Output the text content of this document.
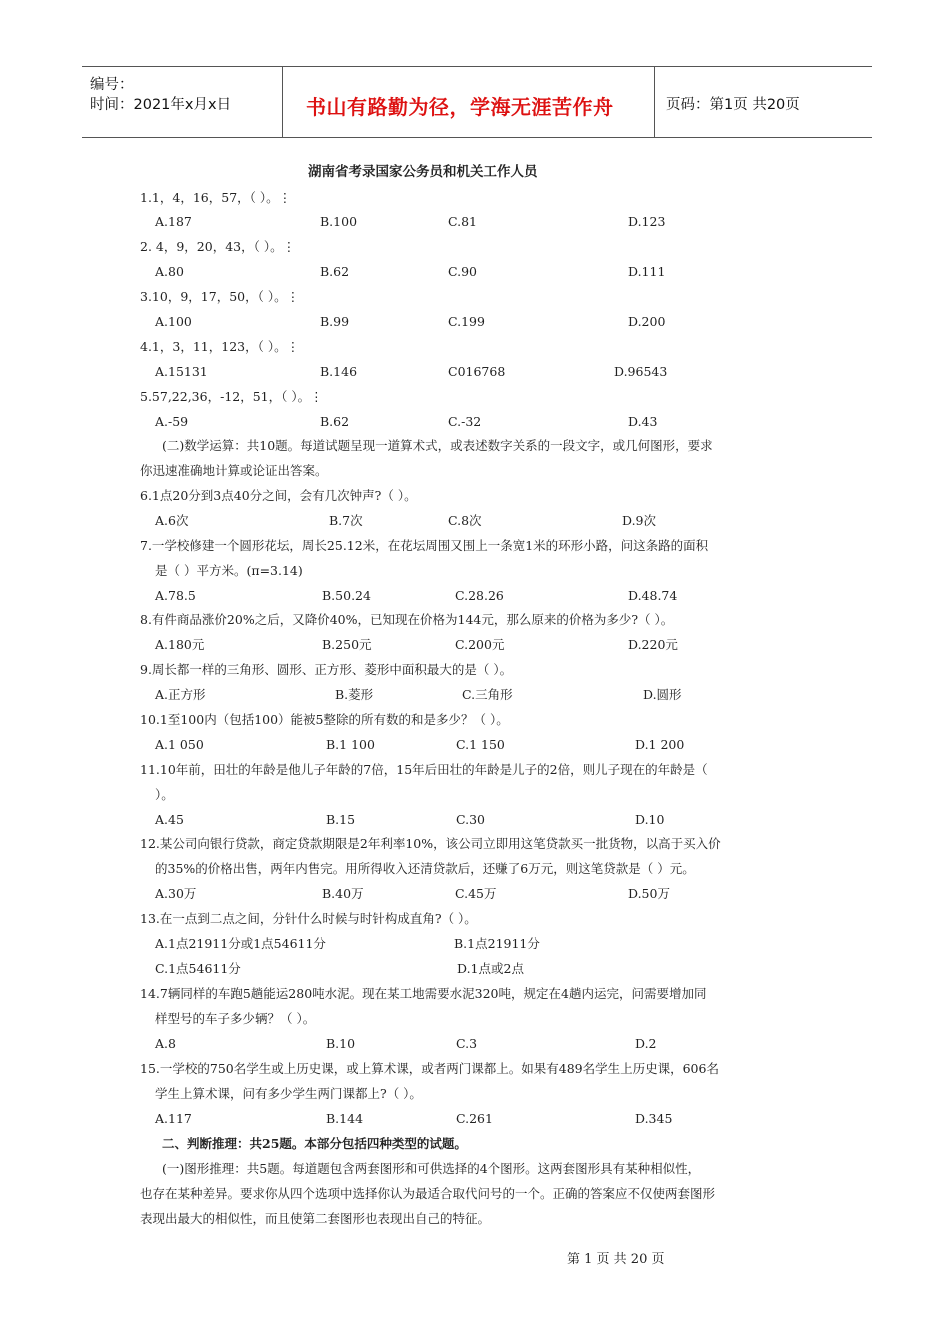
编号：
时间：2021年x月x日	书山有路勤为径，学海无涯苦作舟	页码：第1页 共20页
湖南省考录国家公务员和机关工作人员
1.1，4，16，57，（ ）。⋮
A.187	B.100	C.81	D.123
2. 4，9，20，43，（ ）。⋮
A.80	B.62	C.90	D.111
3.10，9，17，50，（ ）。⋮
A.100	B.99	C.199	D.200
4.1，3，11，123，（ ）。⋮
A.15131	B.146	C016768	D.96543
5.57,22,36，-12，51，（ ）。⋮
A.-59	B.62	C.-32	D.43
(二)数学运算：共10题。每道试题呈现一道算术式，或表述数字关系的一段文字，或几何图形，要求
你迅速准确地计算或论证出答案。
6.1点20分到3点40分之间，会有几次钟声?（ ）。
A.6次	B.7次	C.8次	D.9次
7.一学校修建一个圆形花坛，周长25.12米，在花坛周围又围上一条宽1米的环形小路，问这条路的面积
是（ ）平方米。(π=3.14)
A.78.5	B.50.24	C.28.26	D.48.74
8.有件商品涨价20%之后，又降价40%，已知现在价格为144元，那么原来的价格为多少?（ ）。
A.180元	B.250元	C.200元	D.220元
9.周长都一样的三角形、圆形、正方形、菱形中面积最大的是（ ）。
A.正方形	B.菱形	C.三角形	D.圆形
10.1至100内（包括100）能被5整除的所有数的和是多少？（ ）。
A.1 050	B.1 100	C.1 150	D.1 200
11.10年前，田壮的年龄是他儿子年龄的7倍，15年后田壮的年龄是儿子的2倍，则儿子现在的年龄是（
）。
A.45	B.15	C.30	D.10
12.某公司向银行贷款，商定贷款期限是2年利率10%，该公司立即用这笔贷款买一批货物，以高于买入价
的35%的价格出售，两年内售完。用所得收入还清贷款后，还赚了6万元，则这笔贷款是（ ）元。
A.30万	B.40万	C.45万	D.50万
13.在一点到二点之间，分针什么时候与时针构成直角?（ ）。
A.1点21911分或1点54611分	B.1点21911分
C.1点54611分	D.1点或2点
14.7辆同样的车跑5趟能运280吨水泥。现在某工地需要水泥320吨，规定在4趟内运完，问需要增加同
样型号的车子多少辆？（ ）。
A.8	B.10	C.3	D.2
15.一学校的750名学生或上历史课，或上算术课，或者两门课都上。如果有489名学生上历史课，606名
学生上算术课，问有多少学生两门课都上?（ ）。
A.117	B.144	C.261	D.345
二、判断推理：共25题。本部分包括四种类型的试题。
(一)图形推理：共5题。每道题包含两套图形和可供选择的4个图形。这两套图形具有某种相似性，
也存在某种差异。要求你从四个选项中选择你认为最适合取代问号的一个。正确的答案应不仅使两套图形
表现出最大的相似性，而且使第二套图形也表现出自己的特征。
第 1 页 共 20 页
